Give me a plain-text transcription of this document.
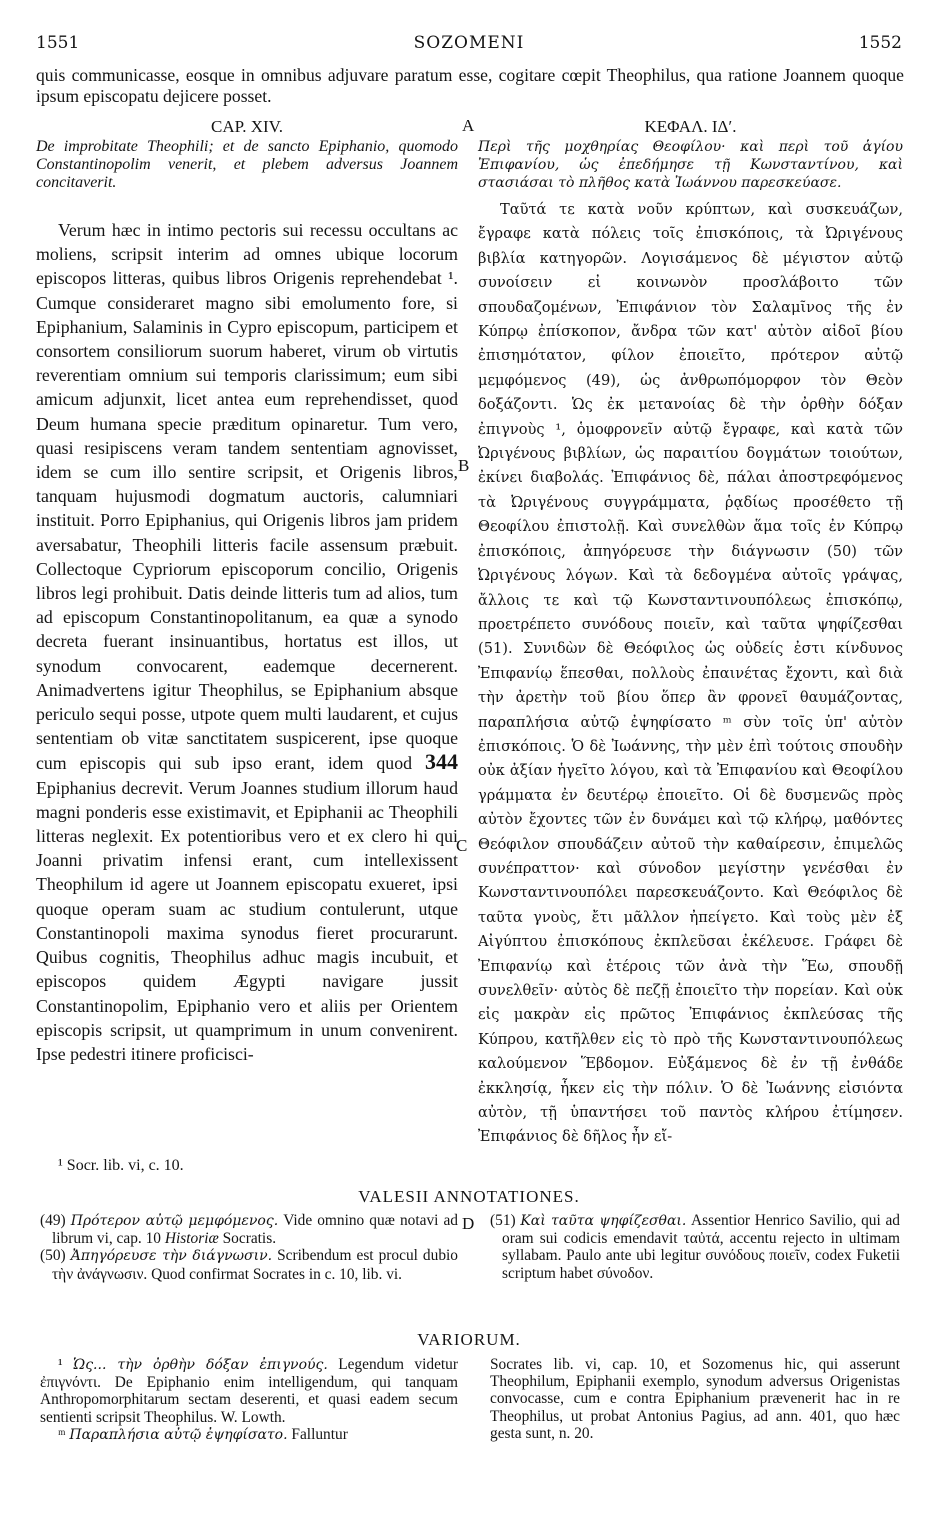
1551	SOZOMENI	1552
quis communicasse, eosque in omnibus adjuvare paratum esse, cogitare cœpit Theophilus, qua ratione Joannem quoque ipsum episcopatu dejicere posset.
CAP. XIV.
De improbitate Theophili; et de sancto Epiphanio, quomodo Constantinopolim venerit, et plebem adversus Joannem concitaverit.
Verum hæc in intimo pectoris sui recessu occultans ac moliens, scripsit interim ad omnes ubique locorum episcopos litteras, quibus libros Origenis reprehendebat ¹. Cumque consideraret magno sibi emolumento fore, si Epiphanium, Salaminis in Cypro episcopum, participem et consortem consiliorum suorum haberet, virum ob virtutis reverentiam omnium sui temporis clarissimum; eum sibi amicum adjunxit, licet antea eum reprehendisset, quod Deum humana specie præditum opinaretur. Tum vero, quasi resipiscens veram tandem sententiam agnovisset, idem se cum illo sentire scripsit, et Origenis libros, tanquam hujusmodi dogmatum auctoris, calumniari instituit. Porro Epiphanius, qui Origenis libros jam pridem aversabatur, Theophili litteris facile assensum præbuit. Collectoque Cypriorum episcoporum concilio, Origenis libros legi prohibuit. Datis deinde litteris tum ad alios, tum ad episcopum Constantinopolitanum, ea quæ a synodo decreta fuerant insinuantibus, hortatus est illos, ut synodum convocarent, eademque decernerent. Animadvertens igitur Theophilus, se Epiphanium absque periculo sequi posse, utpote quem multi laudarent, et cujus sententiam ob vitæ sanctitatem suspicerent, ipse quoque cum episcopis qui sub ipso erant, idem quod 344 Epiphanius decrevit. Verum Joannes studium illorum haud magni ponderis esse existimavit, et Epiphanii ac Theophili litteras neglexit. Ex potentioribus vero et ex clero hi qui Joanni privatim infensi erant, cum intellexissent Theophilum id agere ut Joannem episcopatu exueret, ipsi quoque operam suam ac studium contulerunt, utque Constantinopoli maxima synodus fieret procurarunt. Quibus cognitis, Theophilus adhuc magis incubuit, et episcopos quidem Ægypti navigare jussit Constantinopolim, Epiphanio vero et aliis per Orientem episcopis scripsit, ut quamprimum in unum convenirent. Ipse pedestri itinere proficisci-
ΚΕΦΑΛ. ΙΔʹ.
Περὶ τῆς μοχθηρίας Θεοφίλου· καὶ περὶ τοῦ ἁγίου Ἐπιφανίου, ὡς ἐπεδήμησε τῇ Κωνσταντίνου, καὶ στασιάσαι τὸ πλῆθος κατὰ Ἰωάννου παρεσκεύασε.
Ταῦτά τε κατὰ νοῦν κρύπτων, καὶ συσκευάζων, ἔγραφε κατὰ πόλεις τοῖς ἐπισκόποις, τὰ Ὠριγένους βιβλία κατηγορῶν. Λογισάμενος δὲ μέγιστον αὐτῷ συνοίσειν εἰ κοινωνὸν προσλάβοιτο τῶν σπουδαζομένων, Ἐπιφάνιον τὸν Σαλαμῖνος τῆς ἐν Κύπρῳ ἐπίσκοπον, ἄνδρα τῶν κατ' αὐτὸν αἰδοῖ βίου ἐπισημότατον, φίλον ἐποιεῖτο, πρότερον αὐτῷ μεμφόμενος (49), ὡς ἀνθρωπόμορφον τὸν Θεὸν δοξάζοντι. Ὡς ἐκ μετανοίας δὲ τὴν ὀρθὴν δόξαν ἐπιγνοὺς ¹, ὁμοφρονεῖν αὐτῷ ἔγραφε, καὶ κατὰ τῶν Ὠριγένους βιβλίων, ὡς παραιτίου δογμάτων τοιούτων, ἐκίνει διαβολάς. Ἐπιφάνιος δὲ, πάλαι ἀποστρεφόμενος τὰ Ὠριγένους συγγράμματα, ῥᾳδίως προσέθετο τῇ Θεοφίλου ἐπιστολῇ. Καὶ συνελθὼν ἅμα τοῖς ἐν Κύπρῳ ἐπισκόποις, ἀπηγόρευσε τὴν διάγνωσιν (50) τῶν Ὠριγένους λόγων. Καὶ τὰ δεδογμένα αὐτοῖς γράψας, ἄλλοις τε καὶ τῷ Κωνσταντινουπόλεως ἐπισκόπῳ, προετρέπετο συνόδους ποιεῖν, καὶ ταῦτα ψηφίζεσθαι (51). Συνιδὼν δὲ Θεόφιλος ὡς οὐδείς ἐστι κίνδυνος Ἐπιφανίῳ ἕπεσθαι, πολλοὺς ἐπαινέτας ἔχοντι, καὶ διὰ τὴν ἀρετὴν τοῦ βίου ὅπερ ἂν φρονεῖ θαυμάζοντας, παραπλήσια αὐτῷ ἐψηφίσατο ᵐ σὺν τοῖς ὑπ' αὐτὸν ἐπισκόποις. Ὁ δὲ Ἰωάννης, τὴν μὲν ἐπὶ τούτοις σπουδὴν οὐκ ἀξίαν ἡγεῖτο λόγου, καὶ τὰ Ἐπιφανίου καὶ Θεοφίλου γράμματα ἐν δευτέρῳ ἐποιεῖτο. Οἱ δὲ δυσμενῶς πρὸς αὐτὸν ἔχοντες τῶν ἐν δυνάμει καὶ τῷ κλήρῳ, μαθόντες Θεόφιλον σπουδάζειν αὐτοῦ τὴν καθαίρεσιν, ἐπιμελῶς συνέπραττον· καὶ σύνοδον μεγίστην γενέσθαι ἐν Κωνσταντινουπόλει παρεσκευάζοντο. Καὶ Θεόφιλος δὲ ταῦτα γνοὺς, ἔτι μᾶλλον ἠπείγετο. Καὶ τοὺς μὲν ἐξ Αἰγύπτου ἐπισκόπους ἐκπλεῦσαι ἐκέλευσε. Γράφει δὲ Ἐπιφανίῳ καὶ ἑτέροις τῶν ἀνὰ τὴν Ἕω, σπουδῇ συνελθεῖν· αὐτὸς δὲ πεζῇ ἐποιεῖτο τὴν πορείαν. Καὶ οὐκ εἰς μακρὰν εἰς πρῶτος Ἐπιφάνιος ἐκπλεύσας τῆς Κύπρου, κατῆλθεν εἰς τὸ πρὸ τῆς Κωνσταντινουπόλεως καλούμενον Ἕβδομον. Εὐξάμενος δὲ ἐν τῇ ἐνθάδε ἐκκλησίᾳ, ἧκεν εἰς τὴν πόλιν. Ὁ δὲ Ἰωάννης εἰσιόντα αὐτὸν, τῇ ὑπαντήσει τοῦ παντὸς κλήρου ἐτίμησεν. Ἐπιφάνιος δὲ δῆλος ἦν εἴ-
A
B
C
D
¹ Socr. lib. vi, c. 10.
VALESII ANNOTATIONES.
(49) Πρότερον αὐτῷ μεμφόμενος. Vide omnino quæ notavi ad librum vi, cap. 10 Historiæ Socratis.
(50) Ἀπηγόρευσε τὴν διάγνωσιν. Scribendum est procul dubio τὴν ἀνάγνωσιν. Quod confirmat Socrates in c. 10, lib. vi.
(51) Καὶ ταῦτα ψηφίζεσθαι. Assentior Henrico Savilio, qui ad oram sui codicis emendavit ταὐτά, accentu rejecto in ultimam syllabam. Paulo ante ubi legitur συνόδους ποιεῖν, codex Fuketii scriptum habet σύνοδον.
VARIORUM.
¹ Ὡς... τὴν ὀρθὴν δόξαν ἐπιγνούς. Legendum videtur ἐπιγνόντι. De Epiphanio enim intelligendum, qui tanquam Anthropomorphitarum sectam deserenti, et quasi eadem secum sentienti scripsit Theophilus. W. Lowth.
ᵐ Παραπλήσια αὐτῷ ἐψηφίσατο. Falluntur
Socrates lib. vi, cap. 10, et Sozomenus hic, qui asserunt Theophilum, Epiphanii exemplo, synodum adversus Origenistas convocasse, cum e contra Epiphanium prævenerit hac in re Theophilus, ut probat Antonius Pagius, ad ann. 401, quo hæc gesta sunt, n. 20.
